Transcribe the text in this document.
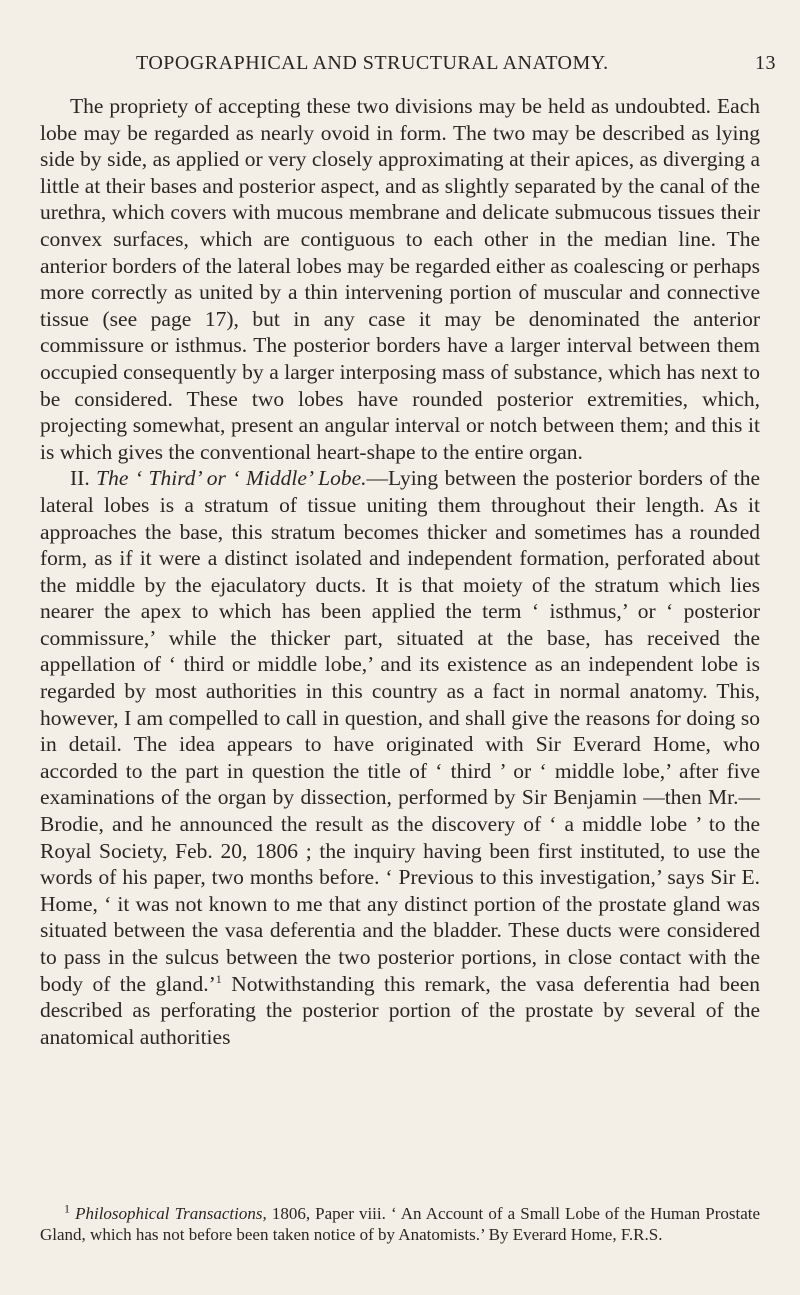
TOPOGRAPHICAL AND STRUCTURAL ANATOMY.	13

The propriety of accepting these two divisions may be held as undoubted. Each lobe may be regarded as nearly ovoid in form. The two may be described as lying side by side, as applied or very closely approximating at their apices, as diverging a little at their bases and posterior aspect, and as slightly separated by the canal of the urethra, which covers with mucous membrane and delicate submucous tissues their convex surfaces, which are contiguous to each other in the median line. The anterior borders of the lateral lobes may be regarded either as coalescing or perhaps more correctly as united by a thin intervening portion of muscular and connective tissue (see page 17), but in any case it may be denominated the anterior commissure or isthmus. The posterior borders have a larger interval between them occupied consequently by a larger interposing mass of substance, which has next to be considered. These two lobes have rounded posterior extremities, which, projecting somewhat, present an angular interval or notch between them; and this it is which gives the conventional heart-shape to the entire organ.

II. The ‘ Third’ or ‘ Middle’ Lobe.—Lying between the posterior borders of the lateral lobes is a stratum of tissue uniting them throughout their length. As it approaches the base, this stratum becomes thicker and sometimes has a rounded form, as if it were a distinct isolated and independent formation, perforated about the middle by the ejaculatory ducts. It is that moiety of the stratum which lies nearer the apex to which has been applied the term ‘ isthmus,’ or ‘ posterior commissure,’ while the thicker part, situated at the base, has received the appellation of ‘ third or middle lobe,’ and its existence as an independent lobe is regarded by most authorities in this country as a fact in normal anatomy. This, however, I am compelled to call in question, and shall give the reasons for doing so in detail. The idea appears to have originated with Sir Everard Home, who accorded to the part in question the title of ‘ third ’ or ‘ middle lobe,’ after five examinations of the organ by dissection, performed by Sir Benjamin —then Mr.—Brodie, and he announced the result as the discovery of ‘ a middle lobe ’ to the Royal Society, Feb. 20, 1806 ; the inquiry having been first instituted, to use the words of his paper, two months before. ‘ Previous to this investigation,’ says Sir E. Home, ‘ it was not known to me that any distinct portion of the prostate gland was situated between the vasa deferentia and the bladder. These ducts were considered to pass in the sulcus between the two posterior portions, in close contact with the body of the gland.’$^1$ Notwithstanding this remark, the vasa deferentia had been described as perforating the posterior portion of the prostate by several of the anatomical authorities

$^1$ Philosophical Transactions, 1806, Paper viii. ‘ An Account of a Small Lobe of the Human Prostate Gland, which has not before been taken notice of by Anatomists.’ By Everard Home, F.R.S.
